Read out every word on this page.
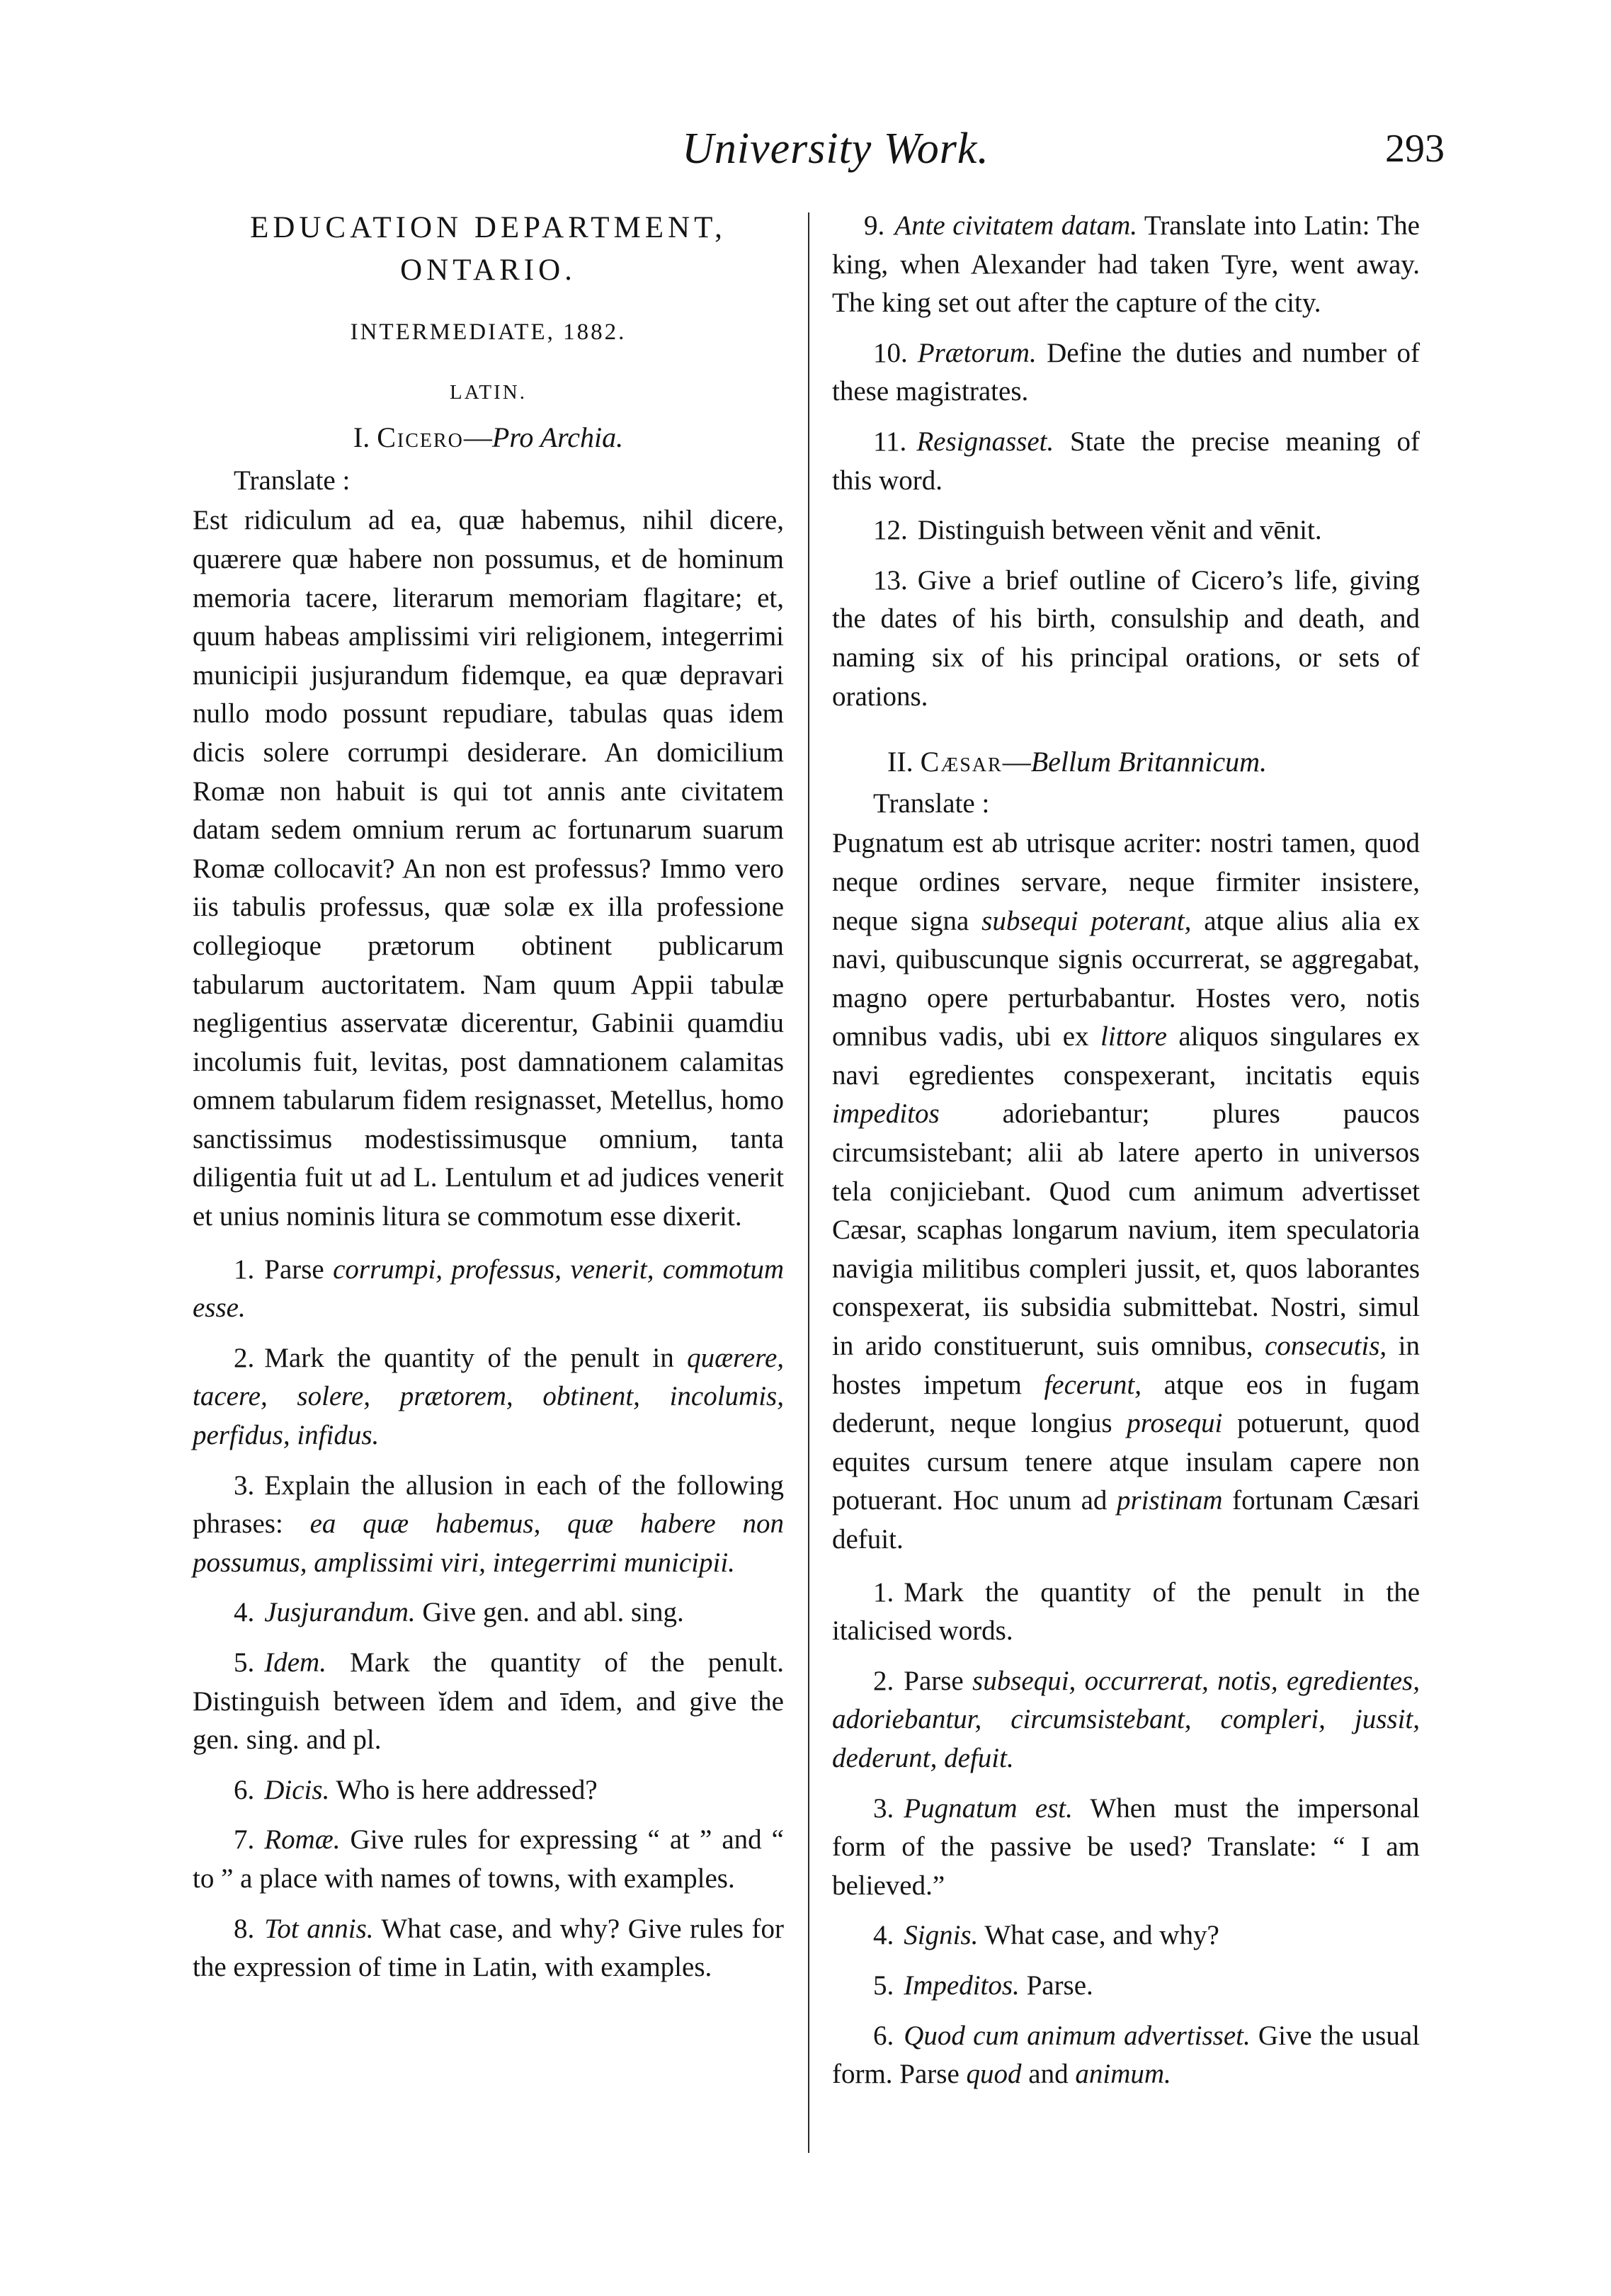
University Work.	293

EDUCATION DEPARTMENT,

ONTARIO.

INTERMEDIATE, 1882.

LATIN.

I. Cicero—Pro Archia.

Translate :

Est ridiculum ad ea, quæ habemus, nihil dicere, quærere quæ habere non possumus, et de hominum memoria tacere, literarum memoriam flagitare; et, quum habeas amplissimi viri religionem, integerrimi municipii jusjurandum fidemque, ea quæ depravari nullo modo possunt repudiare, tabulas quas idem dicis solere corrumpi desiderare. An domicilium Romæ non habuit is qui tot annis ante civitatem datam sedem omnium rerum ac fortunarum suarum Romæ collocavit? An non est professus? Immo vero iis tabulis professus, quæ solæ ex illa professione collegioque prætorum obtinent publicarum tabularum auctoritatem. Nam quum Appii tabulæ negligentius asservatæ dicerentur, Gabinii quamdiu incolumis fuit, levitas, post damnationem calamitas omnem tabularum fidem resignasset, Metellus, homo sanctissimus modestissimusque omnium, tanta diligentia fuit ut ad L. Lentulum et ad judices venerit et unius nominis litura se commotum esse dixerit.

1. Parse corrumpi, professus, venerit, commotum esse.

2. Mark the quantity of the penult in quærere, tacere, solere, prætorem, obtinent, incolumis, perfidus, infidus.

3. Explain the allusion in each of the following phrases: ea quæ habemus, quæ habere non possumus, amplissimi viri, integerrimi municipii.

4. Jusjurandum. Give gen. and abl. sing.

5. Idem. Mark the quantity of the penult. Distinguish between ĭdem and īdem, and give the gen. sing. and pl.

6. Dicis. Who is here addressed?

7. Romæ. Give rules for expressing “ at ” and “ to ” a place with names of towns, with examples.

8. Tot annis. What case, and why? Give rules for the expression of time in Latin, with examples.

9. Ante civitatem datam. Translate into Latin: The king, when Alexander had taken Tyre, went away. The king set out after the capture of the city.

10. Prætorum. Define the duties and number of these magistrates.

11. Resignasset. State the precise meaning of this word.

12. Distinguish between vĕnit and vēnit.

13. Give a brief outline of Cicero’s life, giving the dates of his birth, consulship and death, and naming six of his principal orations, or sets of orations.

II. Cæsar—Bellum Britannicum.

Translate :

Pugnatum est ab utrisque acriter: nostri tamen, quod neque ordines servare, neque firmiter insistere, neque signa subsequi poterant, atque alius alia ex navi, quibuscunque signis occurrerat, se aggregabat, magno opere perturbabantur. Hostes vero, notis omnibus vadis, ubi ex littore aliquos singulares ex navi egredientes conspexerant, incitatis equis impeditos adoriebantur; plures paucos circumsistebant; alii ab latere aperto in universos tela conjiciebant. Quod cum animum advertisset Cæsar, scaphas longarum navium, item speculatoria navigia militibus compleri jussit, et, quos laborantes conspexerat, iis subsidia submittebat. Nostri, simul in arido constituerunt, suis omnibus, consecutis, in hostes impetum fecerunt, atque eos in fugam dederunt, neque longius prosequi potuerunt, quod equites cursum tenere atque insulam capere non potuerant. Hoc unum ad pristinam fortunam Cæsari defuit.

1. Mark the quantity of the penult in the italicised words.

2. Parse subsequi, occurrerat, notis, egredientes, adoriebantur, circumsistebant, compleri, jussit, dederunt, defuit.

3. Pugnatum est. When must the impersonal form of the passive be used? Translate: “ I am believed.”

4. Signis. What case, and why?

5. Impeditos. Parse.

6. Quod cum animum advertisset. Give the usual form. Parse quod and animum.
